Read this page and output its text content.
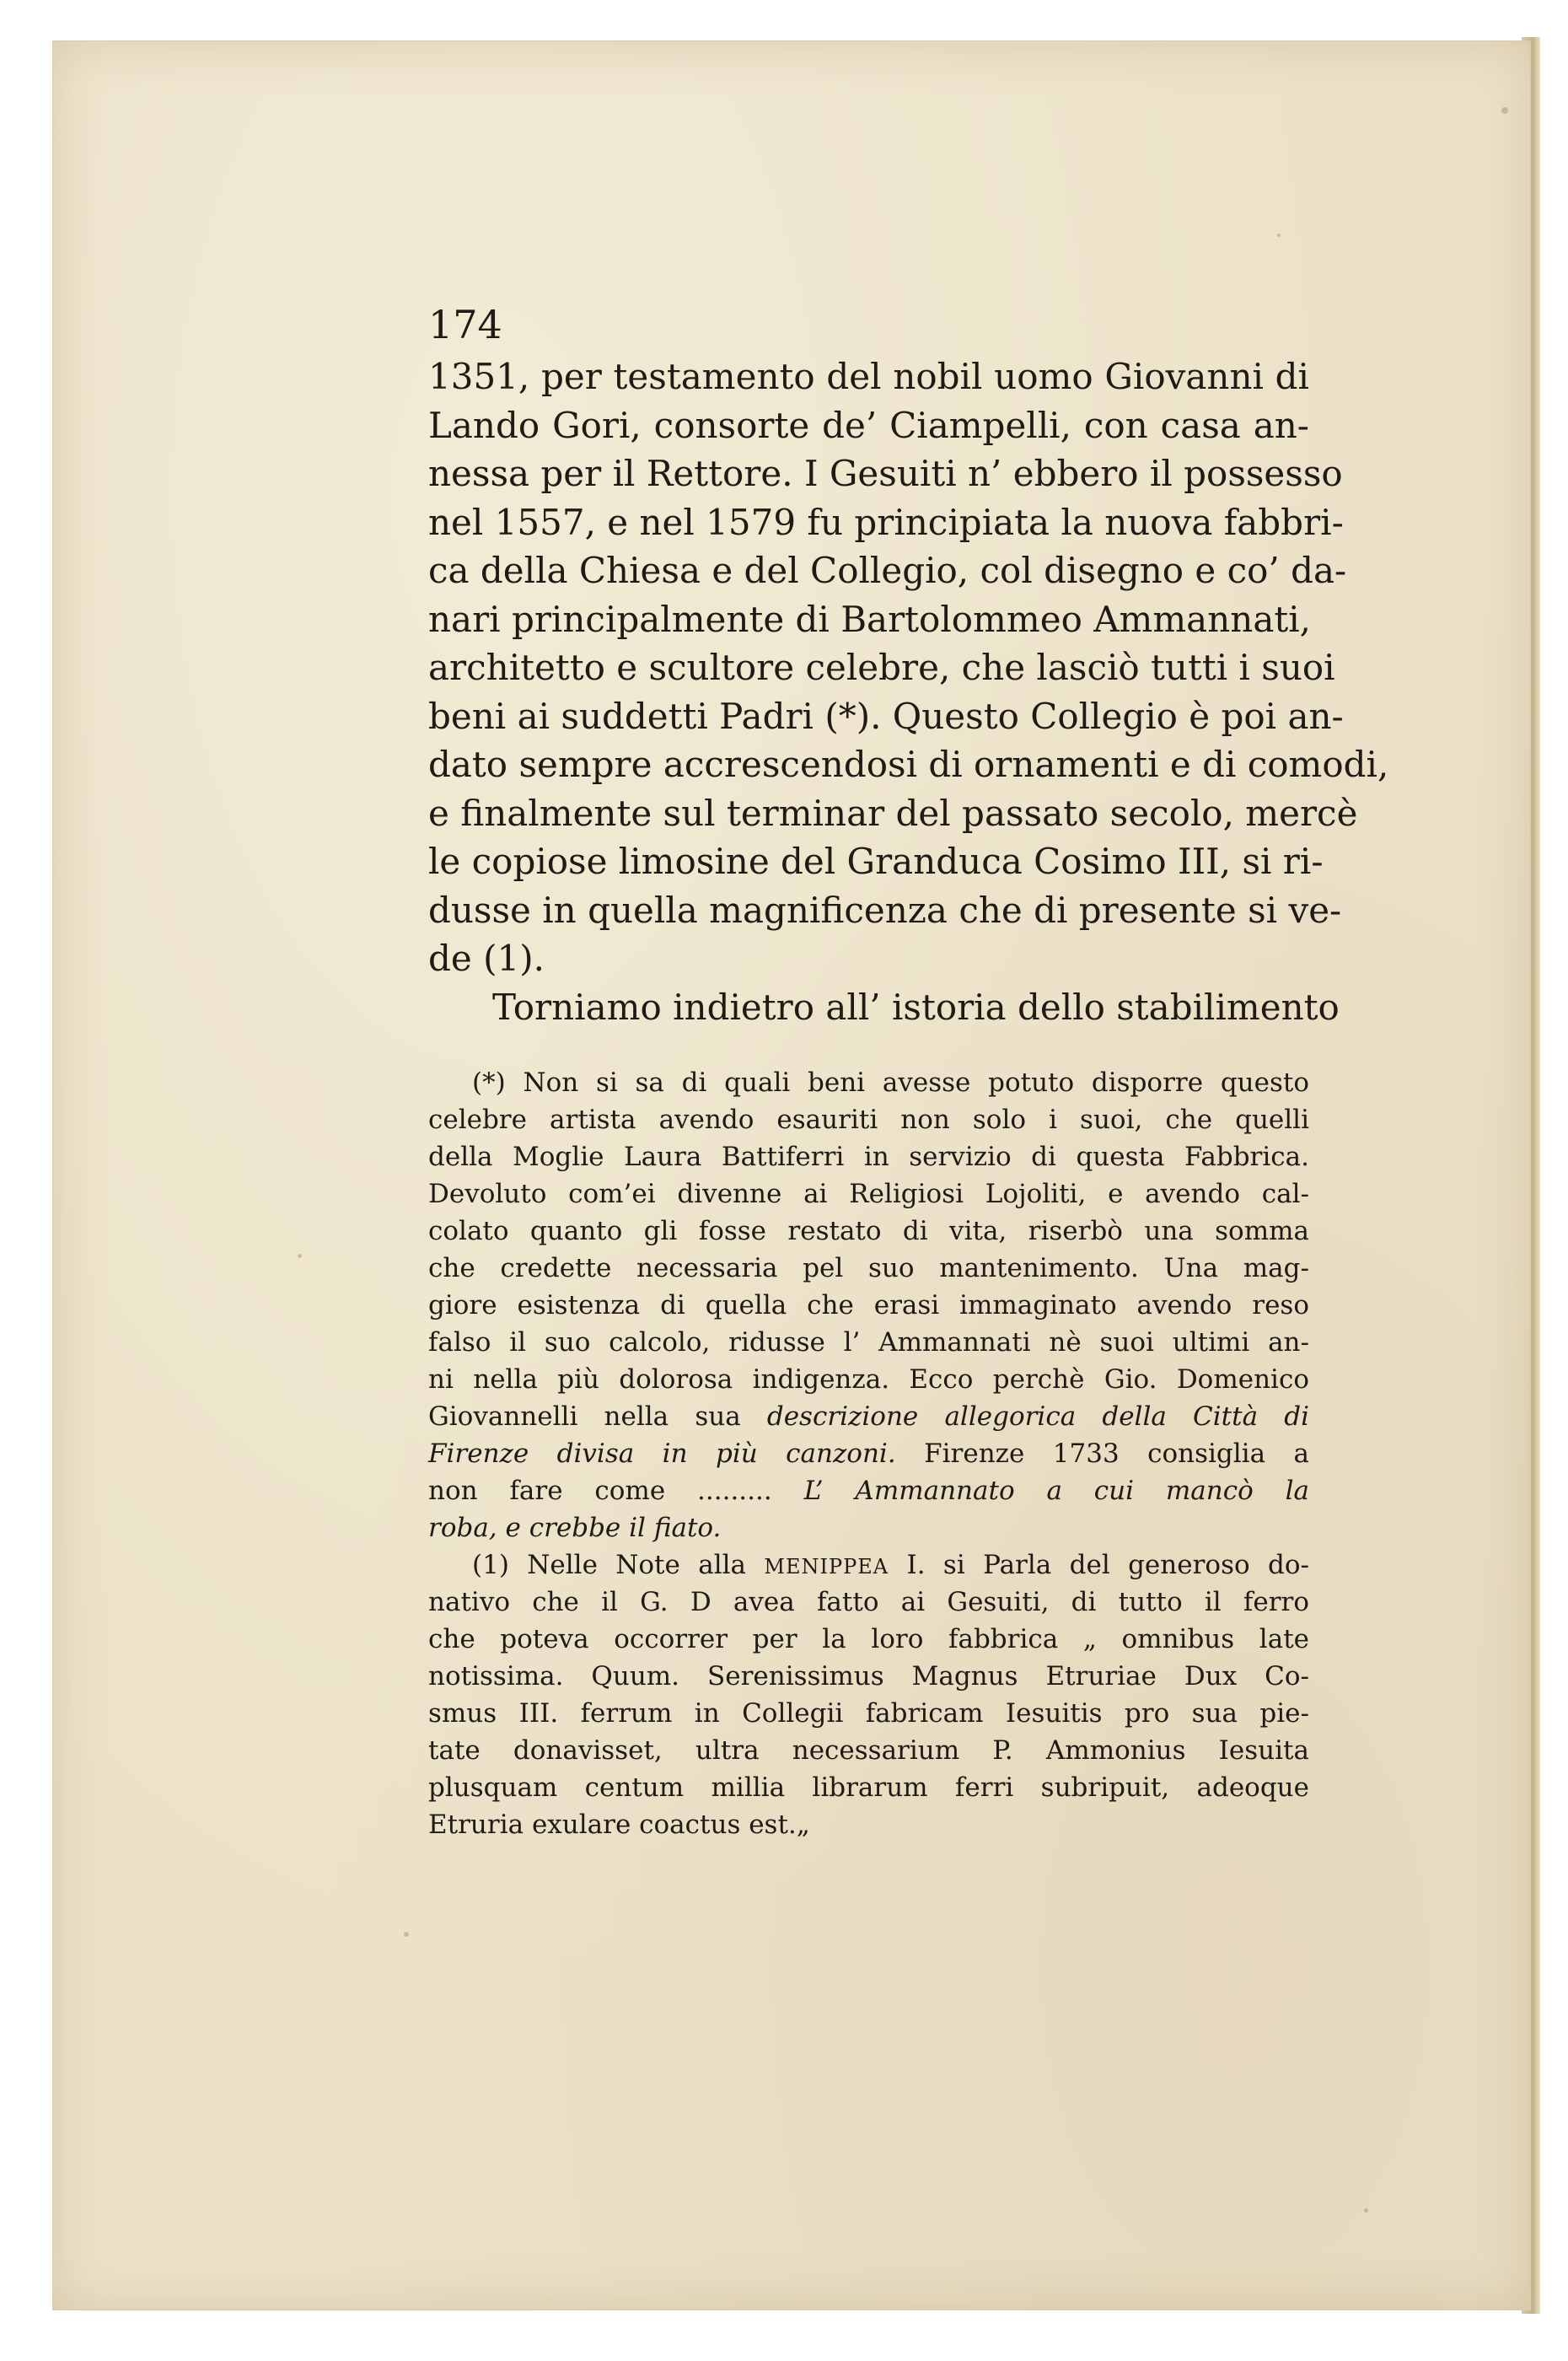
174
1351, per testamento del nobil uomo Giovanni di
Lando Gori, consorte de’ Ciampelli, con casa an-
nessa per il Rettore. I Gesuiti n’ ebbero il possesso
nel 1557, e nel 1579 fu principiata la nuova fabbri-
ca della Chiesa e del Collegio, col disegno e co’ da-
nari principalmente di Bartolommeo Ammannati,
architetto e scultore celebre, che lasciò tutti i suoi
beni ai suddetti Padri (*). Questo Collegio è poi an-
dato sempre accrescendosi di ornamenti e di comodi,
e finalmente sul terminar del passato secolo, mercè
le copiose limosine del Granduca Cosimo III, si ri-
dusse in quella magnificenza che di presente si ve-
de (1).
Torniamo indietro all’ istoria dello stabilimento
(*) Non si sa di quali beni avesse potuto disporre questo
celebre artista avendo esauriti non solo i suoi, che quelli
della Moglie Laura Battiferri in servizio di questa Fabbrica.
Devoluto com’ei divenne ai Religiosi Lojoliti, e avendo cal-
colato quanto gli fosse restato di vita, riserbò una somma
che credette necessaria pel suo mantenimento. Una mag-
giore esistenza di quella che erasi immaginato avendo reso
falso il suo calcolo, ridusse l’ Ammannati nè suoi ultimi an-
ni nella più dolorosa indigenza. Ecco perchè Gio. Domenico
Giovannelli nella sua descrizione allegorica della Città di
Firenze divisa in più canzoni. Firenze 1733 consiglia a
non fare come ......... L’ Ammannato a cui mancò la
roba, e crebbe il fiato.
(1) Nelle Note alla MENIPPEA I. si Parla del generoso do-
nativo che il G. D avea fatto ai Gesuiti, di tutto il ferro
che poteva occorrer per la loro fabbrica „ omnibus late
notissima. Quum. Serenissimus Magnus Etruriae Dux Co-
smus III. ferrum in Collegii fabricam Iesuitis pro sua pie-
tate donavisset, ultra necessarium P. Ammonius Iesuita
plusquam centum millia librarum ferri subripuit, adeoque
Etruria exulare coactus est.„
